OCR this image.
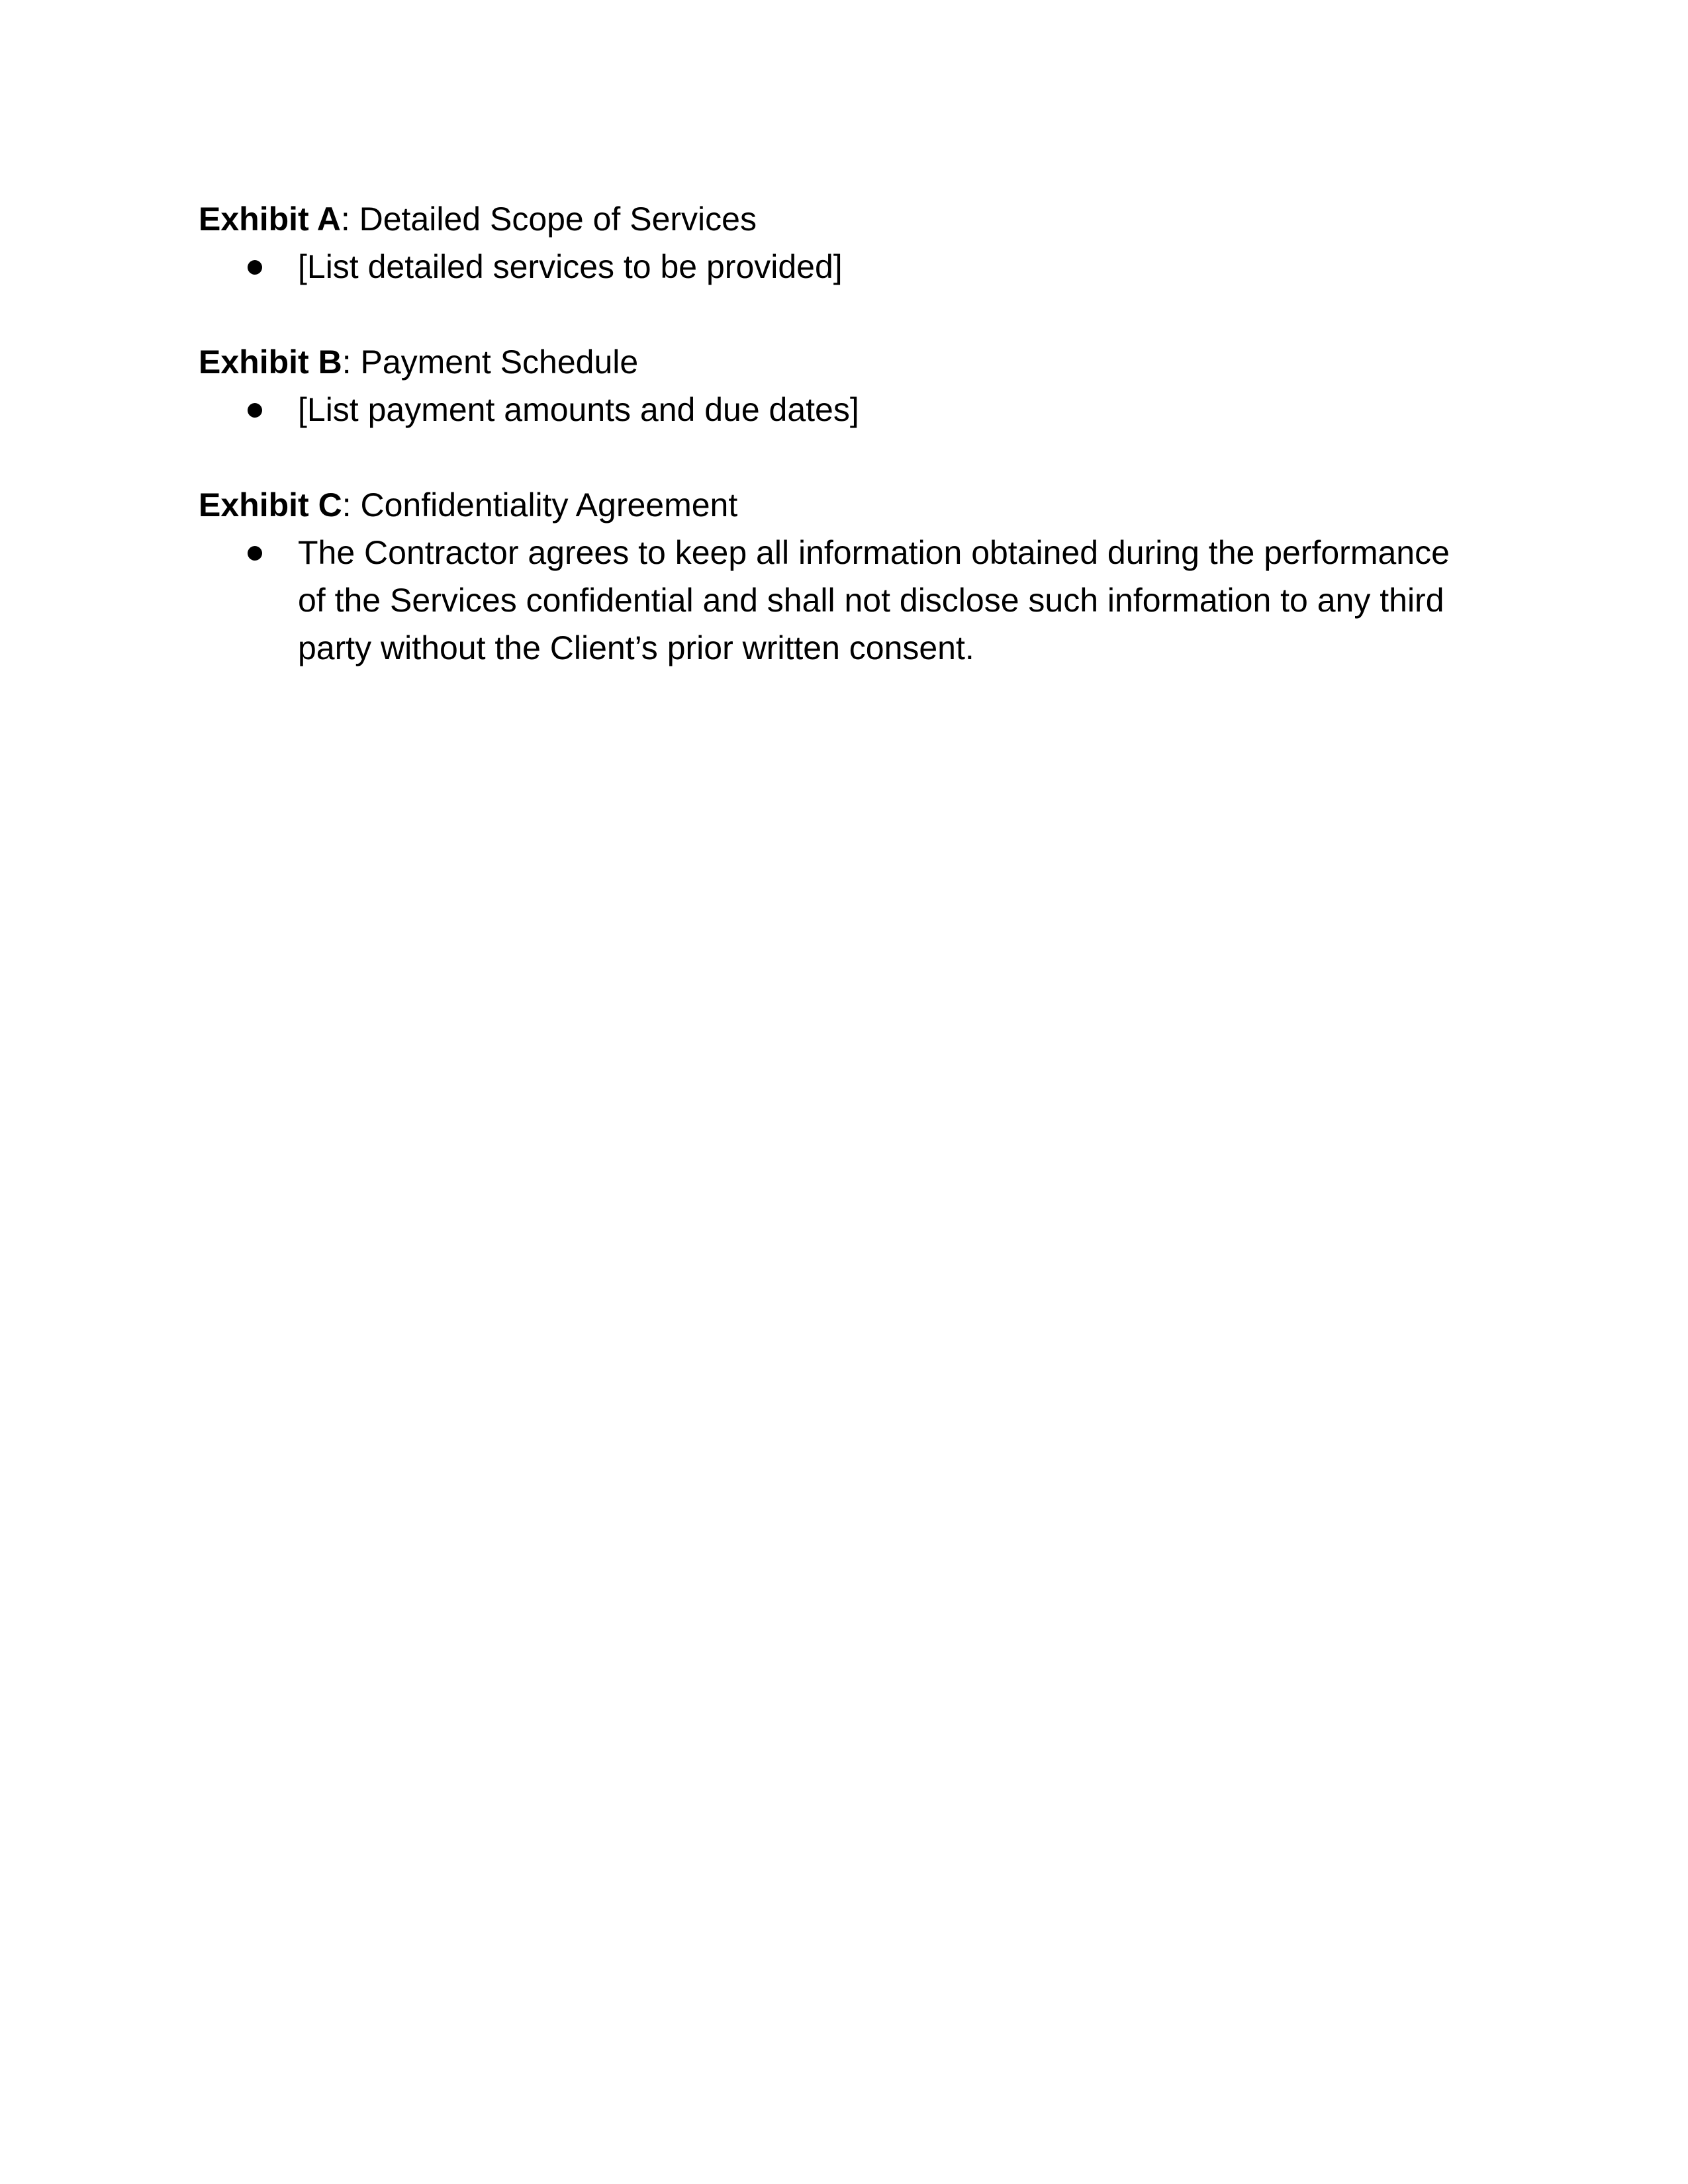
Exhibit A: Detailed Scope of Services

[List detailed services to be provided]

Exhibit B: Payment Schedule

[List payment amounts and due dates]

Exhibit C: Confidentiality Agreement

The Contractor agrees to keep all information obtained during the performance of the Services confidential and shall not disclose such information to any third party without the Client’s prior written consent.
